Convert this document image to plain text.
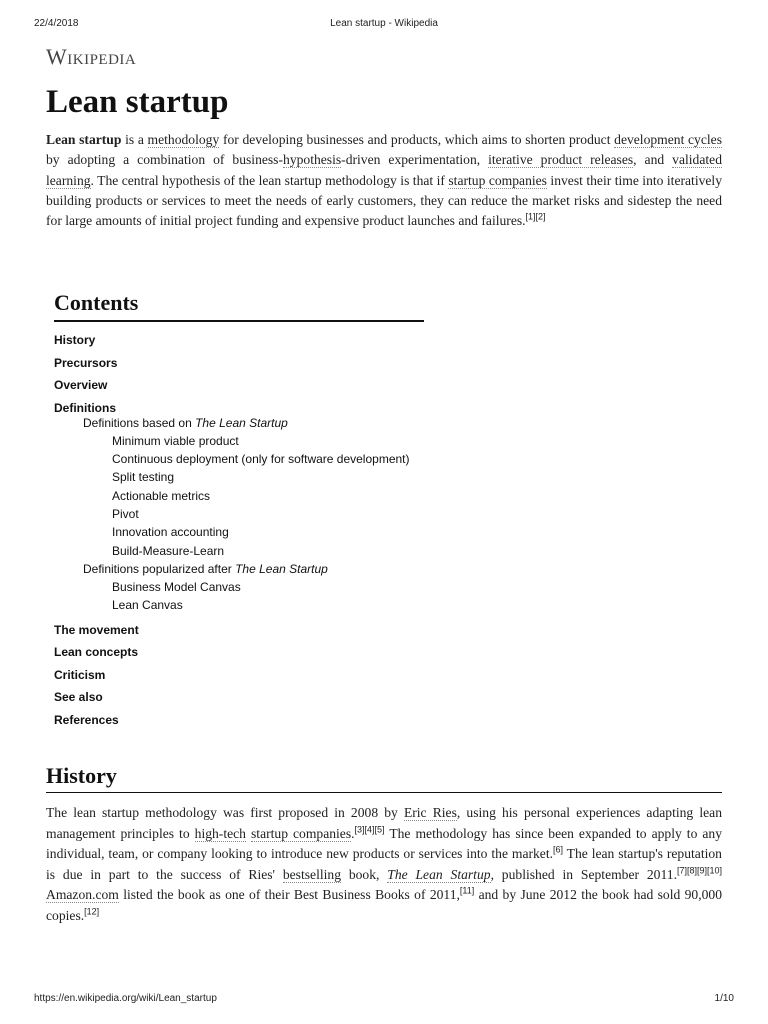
22/4/2018	Lean startup - Wikipedia
Wikipedia
Lean startup

Lean startup is a methodology for developing businesses and products, which aims to shorten product development cycles by adopting a combination of business-hypothesis-driven experimentation, iterative product releases, and validated learning. The central hypothesis of the lean startup methodology is that if startup companies invest their time into iteratively building products or services to meet the needs of early customers, they can reduce the market risks and sidestep the need for large amounts of initial project funding and expensive product launches and failures.[1][2]

Contents
History
Precursors
Overview
Definitions
Definitions based on The Lean Startup
Minimum viable product
Continuous deployment (only for software development)
Split testing
Actionable metrics
Pivot
Innovation accounting
Build-Measure-Learn
Definitions popularized after The Lean Startup
Business Model Canvas
Lean Canvas
The movement
Lean concepts
Criticism
See also
References
History

The lean startup methodology was first proposed in 2008 by Eric Ries, using his personal experiences adapting lean management principles to high-tech startup companies.[3][4][5] The methodology has since been expanded to apply to any individual, team, or company looking to introduce new products or services into the market.[6] The lean startup's reputation is due in part to the success of Ries' bestselling book, The Lean Startup, published in September 2011.[7][8][9][10] Amazon.com listed the book as one of their Best Business Books of 2011,[11] and by June 2012 the book had sold 90,000 copies.[12]

https://en.wikipedia.org/wiki/Lean_startup	1/10
